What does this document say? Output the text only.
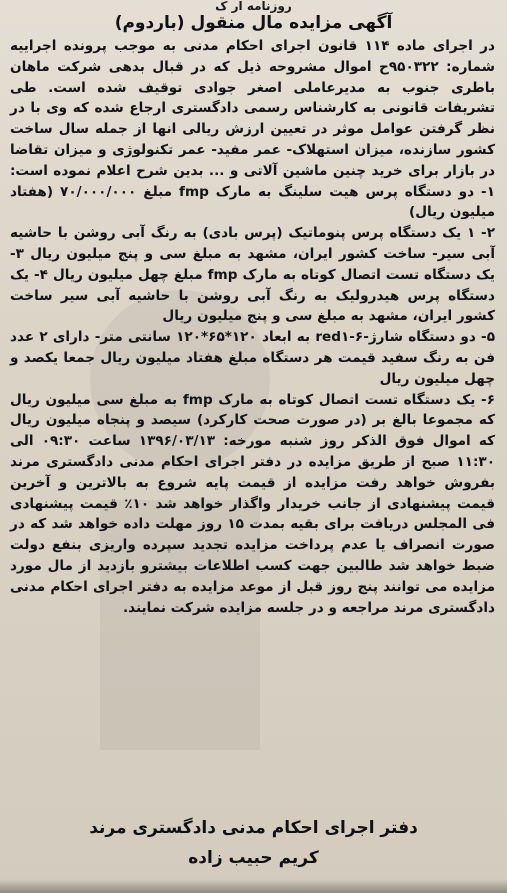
روزنامه ار ک
آگهی مزایده مال منقول (باردوم)

در اجرای ماده ۱۱۴ قانون اجرای احکام مدنی به موجب پرونده اجراییه شماره: ۹۵۰۳۲۲ح اموال مشروحه ذیل که در قبال بدهی شرکت ماهان باطری جنوب به مدیرعاملی اصغر جوادی توقیف شده است. طی تشریفات قانونی به کارشناس رسمی دادگستری ارجاع شده که وی با در نظر گرفتن عوامل موثر در تعیین ارزش ریالی انها از جمله سال ساخت کشور سازنده، میزان استهلاک- عمر مفید- عمر تکنولوژی و میزان تقاضا در بازار برای خرید چنین ماشین آلاتی و ... بدین شرح اعلام نموده است: ۱- دو دستگاه پرس هیت سلینگ به مارک fmp مبلغ ۷۰/۰۰۰/۰۰۰ (هفتاد میلیون ریال)

۲- ۱ یک دستگاه پرس پنوماتیک (پرس بادی) به رنگ آبی روشن با حاشیه آبی سیر- ساخت کشور ایران، مشهد به مبلغ سی و پنج میلیون ریال ۳- یک دستگاه تست اتصال کوتاه به مارک fmp مبلغ چهل میلیون ریال ۴- یک دستگاه پرس هیدرولیک به رنگ آبی روشن با حاشیه آبی سیر ساخت کشور ایران، مشهد به مبلغ سی و پنج میلیون ریال

۵- دو دستگاه شارژ-red۱-۶ به ابعاد ۱۲۰*۶۵*۱۲۰ سانتی متر- دارای ۲ عدد فن به رنگ سفید قیمت هر دستگاه مبلغ هفتاد میلیون ریال جمعا یکصد و چهل میلیون ریال

۶- یک دستگاه تست اتصال کوتاه به مارک fmp به مبلغ سی میلیون ریال که مجموعا بالغ بر (در صورت صحت کارکرد) سیصد و پنجاه میلیون ریال که اموال فوق الذکر روز شنبه مورخه: ۱۳۹۶/۰۳/۱۳ ساعت ۰۹:۳۰ الی ۱۱:۳۰ صبح از طریق مزایده در دفتر اجرای احکام مدنی دادگستری مرند بفروش خواهد رفت مزایده از قیمت پایه شروع به بالاترین و آخرین قیمت پیشنهادی از جانب خریدار واگذار خواهد شد ۱۰٪ قیمت پیشنهادی فی المجلس دریافت برای بقیه بمدت ۱۵ روز مهلت داده خواهد شد که در صورت انصراف یا عدم پرداخت مزایده تجدید سپرده واریزی بنفع دولت ضبط خواهد شد طالبین جهت کسب اطلاعات بیشترو بازدید از مال مورد مزایده می توانند پنج روز قبل از موعد مزایده به دفتر اجرای احکام مدنی دادگستری مرند مراجعه و در جلسه مزایده شرکت نمایند.

دفتر اجرای احکام مدنی دادگستری مرند
کریم حبیب زاده
